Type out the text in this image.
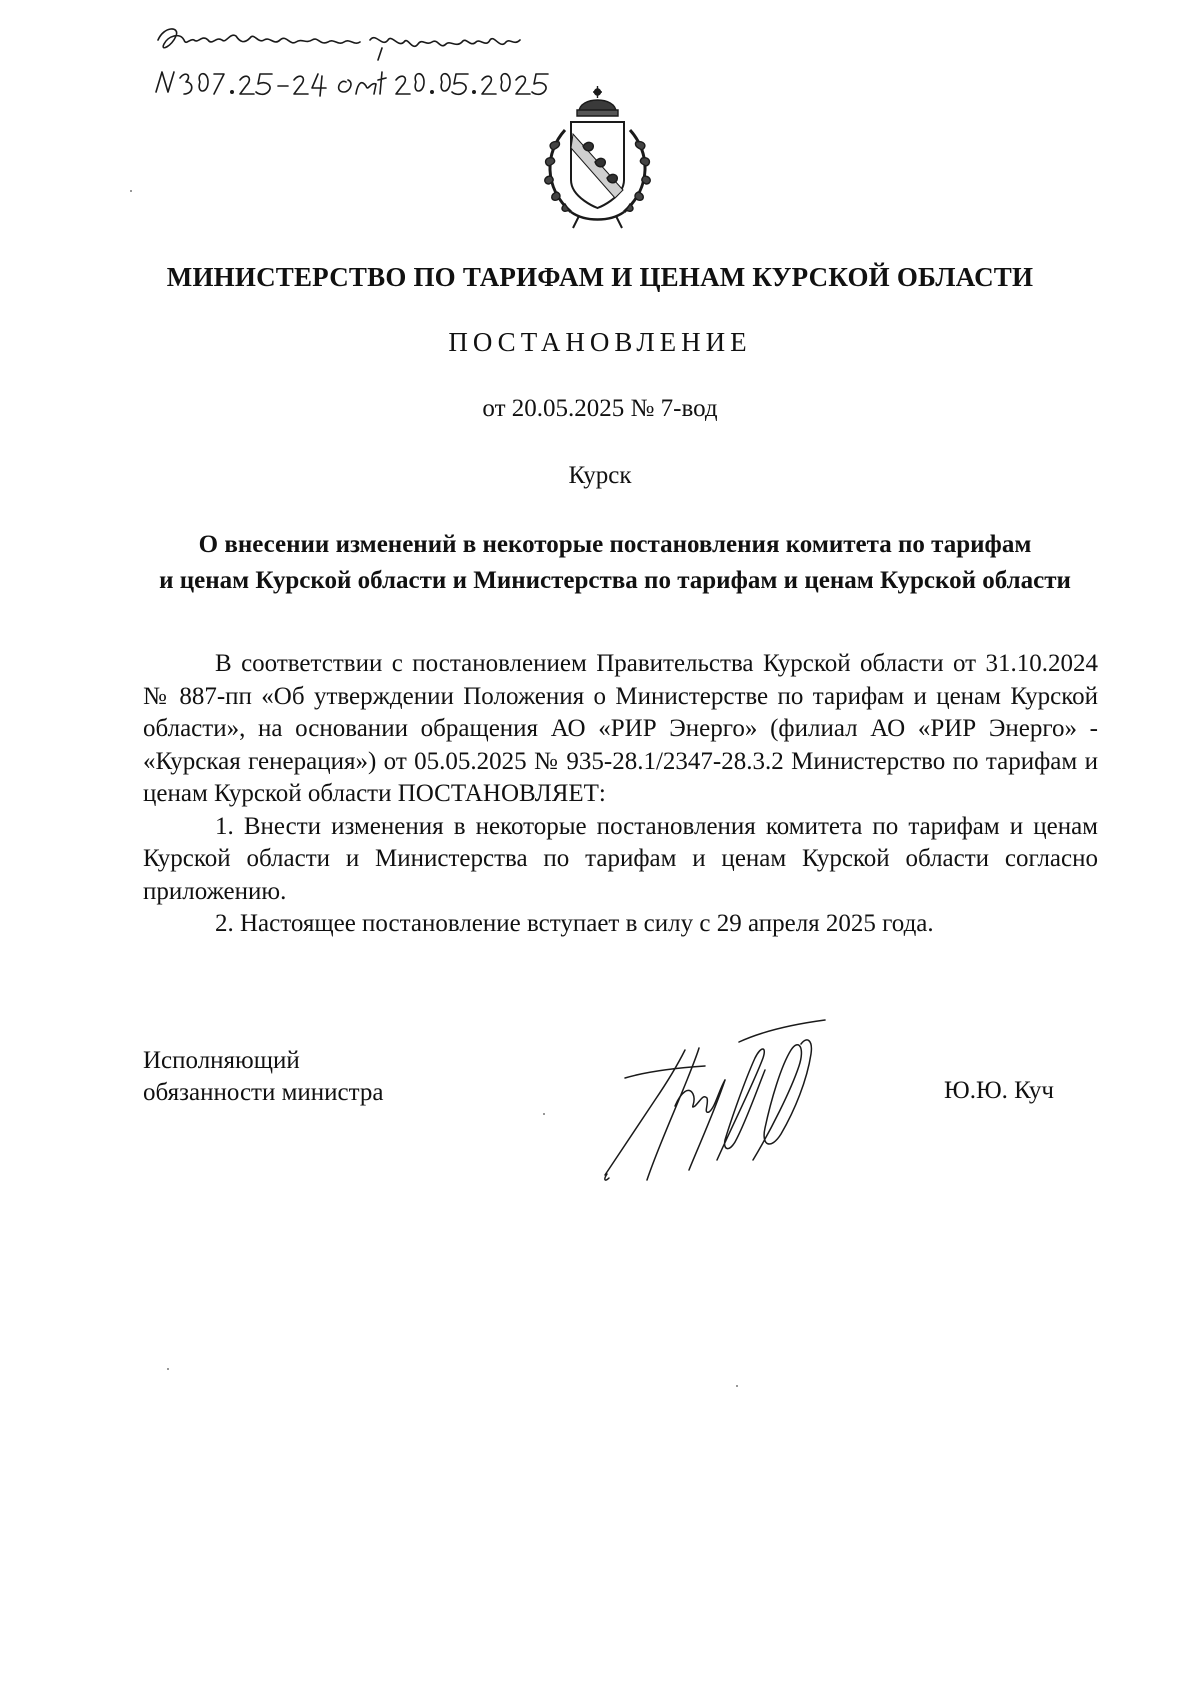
МИНИСТЕРСТВО ПО ТАРИФАМ И ЦЕНАМ КУРСКОЙ ОБЛАСТИ
ПОСТАНОВЛЕНИЕ
от 20.05.2025 № 7-вод
Курск
О внесении изменений в некоторые постановления комитета по тарифам
и ценам Курской области и Министерства по тарифам и ценам Курской области

В соответствии с постановлением Правительства Курской области от 31.10.2024 № 887-пп «Об утверждении Положения о Министерстве по тарифам и ценам Курской области», на основании обращения АО «РИР Энерго» (филиал АО «РИР Энерго» - «Курская генерация») от 05.05.2025 № 935-28.1/2347-28.3.2 Министерство по тарифам и ценам Курской области ПОСТАНОВЛЯЕТ:

1. Внести изменения в некоторые постановления комитета по тарифам и ценам Курской области и Министерства по тарифам и ценам Курской области согласно приложению.

2. Настоящее постановление вступает в силу с 29 апреля 2025 года.

Исполняющий
обязанности министра	Ю.Ю. Куч
